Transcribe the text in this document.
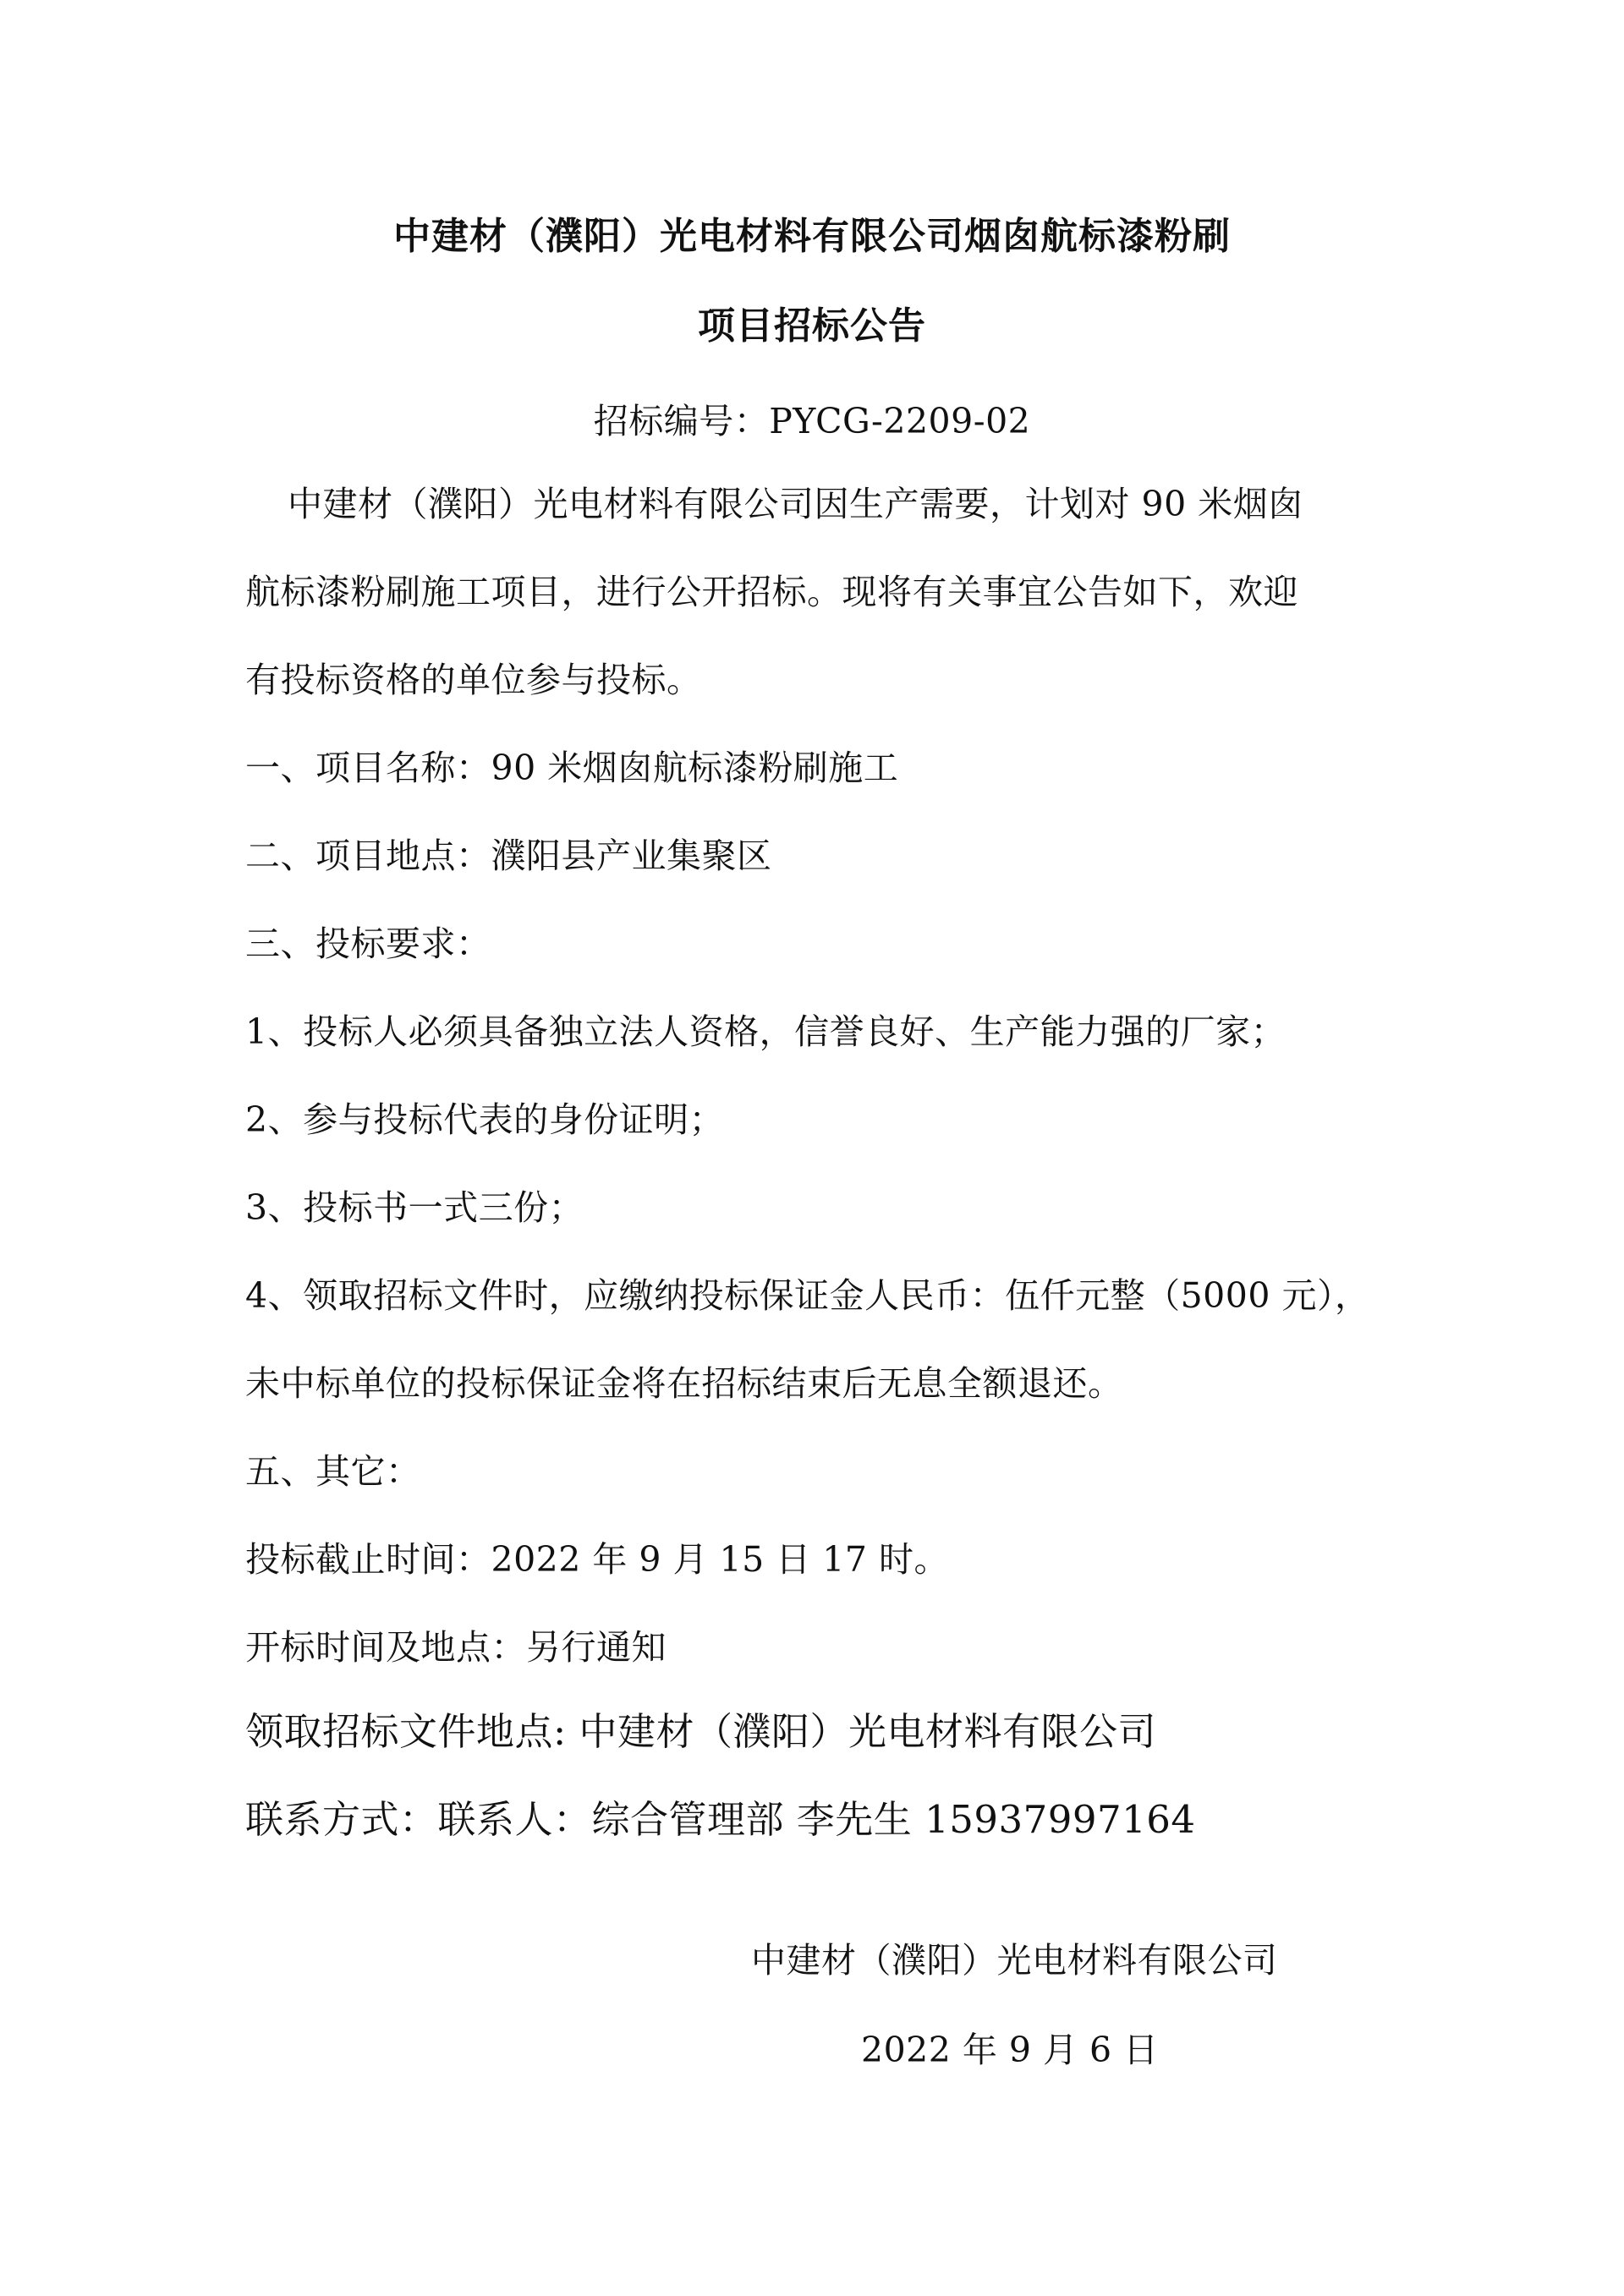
中建材（濮阳）光电材料有限公司烟囱航标漆粉刷
项目招标公告
招标编号：PYCG-2209-02
中建材（濮阳）光电材料有限公司因生产需要，计划对 90 米烟囱
航标漆粉刷施工项目，进行公开招标。现将有关事宜公告如下，欢迎
有投标资格的单位参与投标。
一、项目名称：90 米烟囱航标漆粉刷施工
二、项目地点：濮阳县产业集聚区
三、投标要求：
1、投标人必须具备独立法人资格，信誉良好、生产能力强的厂家；
2、参与投标代表的身份证明；
3、投标书一式三份；
4、领取招标文件时，应缴纳投标保证金人民币：伍仟元整（5000 元），
未中标单位的投标保证金将在招标结束后无息全额退还。
五、其它：
投标截止时间：2022 年 9 月 15 日 17 时。
开标时间及地点：另行通知
领取招标文件地点: 中建材（濮阳）光电材料有限公司
联系方式：联系人：综合管理部 李先生 15937997164
中建材（濮阳）光电材料有限公司
2022 年 9 月 6 日
